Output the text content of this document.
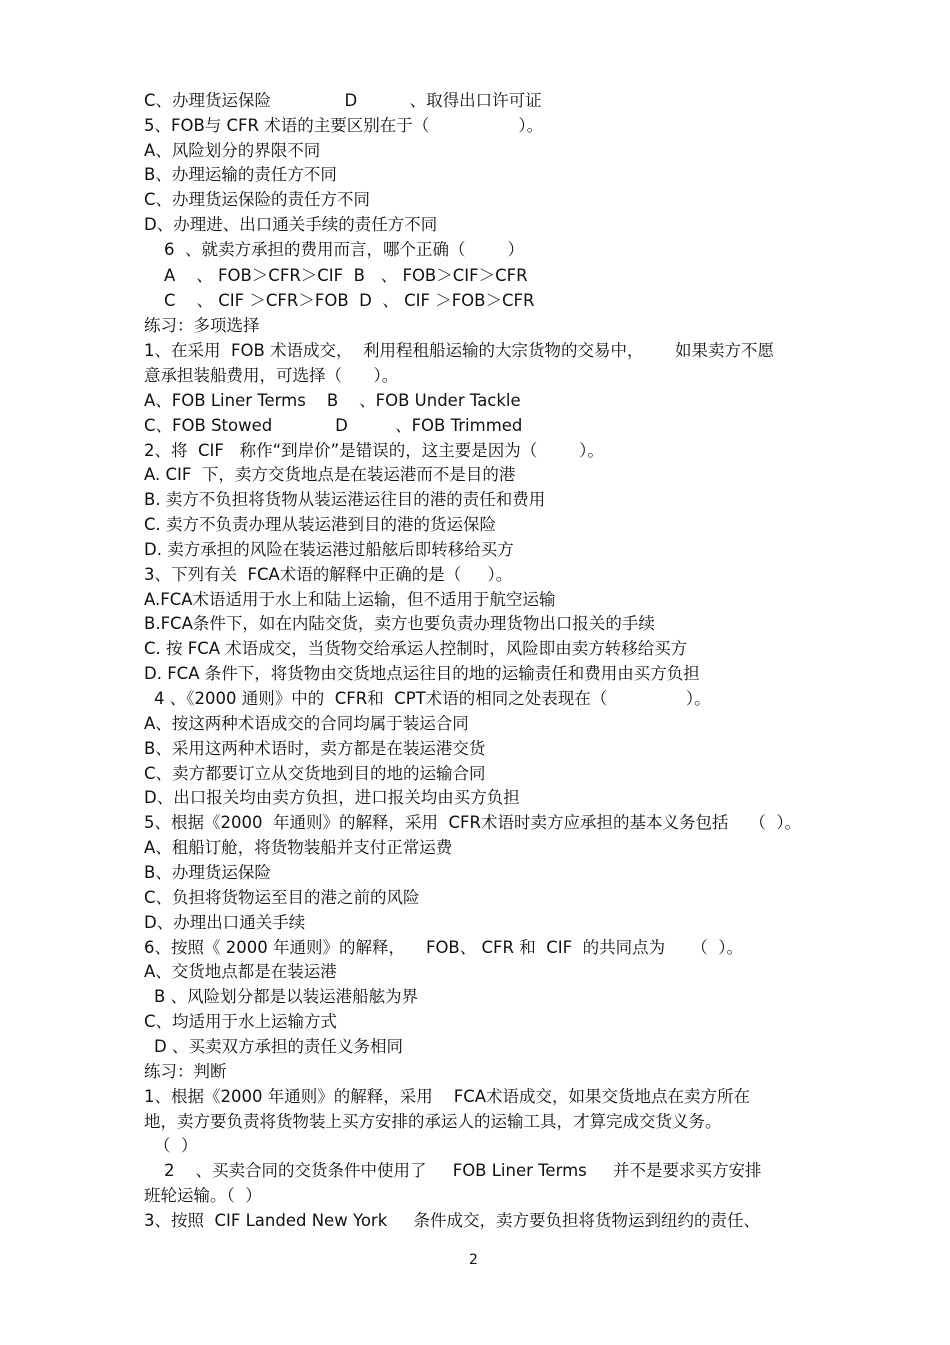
C、办理货运保险              D          、取得出口许可证
5、FOB与 CFR 术语的主要区别在于（                 ）。
A、风险划分的界限不同
B、办理运输的责任方不同
C、办理货运保险的责任方不同
D、办理进、出口通关手续的责任方不同
6  、就卖方承担的费用而言，哪个正确（        ）
A    、 FOB＞CFR＞CIF  B   、 FOB＞CIF＞CFR
C    、 CIF ＞CFR＞FOB  D  、 CIF ＞FOB＞CFR
练习：多项选择
1、在采用  FOB 术语成交，  利用程租船运输的大宗货物的交易中，      如果卖方不愿
意承担装船费用，可选择（      ）。
A、FOB Liner Terms    B    、FOB Under Tackle
C、FOB Stowed            D         、FOB Trimmed
2、将  CIF   称作“到岸价”是错误的，这主要是因为（        ）。
A. CIF  下，卖方交货地点是在装运港而不是目的港
B. 卖方不负担将货物从装运港运往目的港的责任和费用
C. 卖方不负责办理从装运港到目的港的货运保险
D. 卖方承担的风险在装运港过船舷后即转移给买方
3、下列有关  FCA术语的解释中正确的是（     ）。
A.FCA术语适用于水上和陆上运输，但不适用于航空运输
B.FCA条件下，如在内陆交货，卖方也要负责办理货物出口报关的手续
C. 按 FCA 术语成交，当货物交给承运人控制时，风险即由卖方转移给买方
D. FCA 条件下，将货物由交货地点运往目的地的运输责任和费用由买方负担
4 、《2000 通则》中的  CFR和  CPT术语的相同之处表现在（               ）。
A、按这两种术语成交的合同均属于装运合同
B、采用这两种术语时，卖方都是在装运港交货
C、卖方都要订立从交货地到目的地的运输合同
D、出口报关均由卖方负担，进口报关均由买方负担
5、根据《2000  年通则》的解释，采用  CFR术语时卖方应承担的基本义务包括    （  ）。
A、租船订舱，将货物装船并支付正常运费
B、办理货运保险
C、负担将货物运至目的港之前的风险
D、办理出口通关手续
6、按照《 2000 年通则》的解释，    FOB、 CFR 和  CIF  的共同点为     （  ）。
A、交货地点都是在装运港
B 、风险划分都是以装运港船舷为界
C、均适用于水上运输方式
D 、买卖双方承担的责任义务相同
练习：判断
1、根据《2000 年通则》的解释，采用    FCA术语成交，如果交货地点在卖方所在
地，卖方要负责将货物装上买方安排的承运人的运输工具，才算完成交货义务。
（  ）
2    、买卖合同的交货条件中使用了     FOB Liner Terms     并不是要求买方安排
班轮运输。（  ）
3、按照  CIF Landed New York     条件成交，卖方要负担将货物运到纽约的责任、
2
